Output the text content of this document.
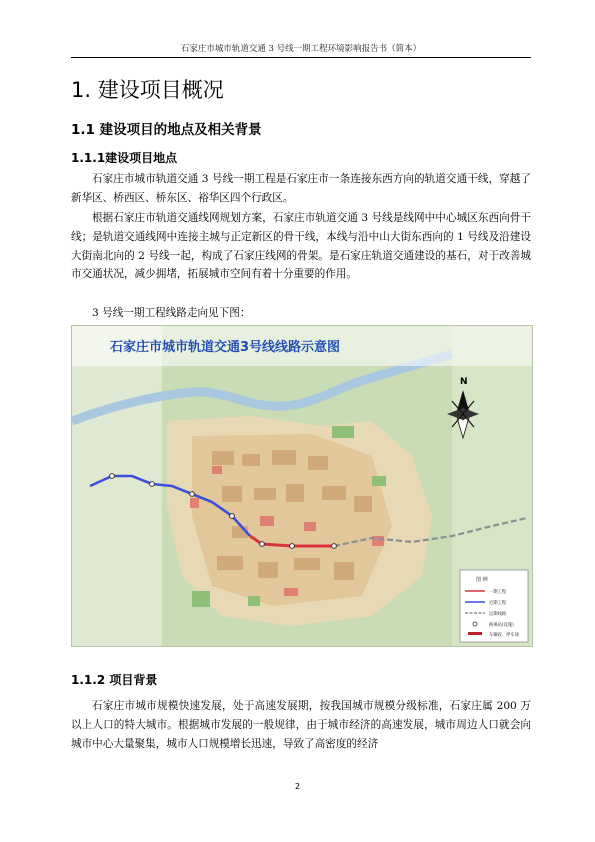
石家庄市城市轨道交通 3 号线一期工程环境影响报告书（简本）
1. 建设项目概况
1.1 建设项目的地点及相关背景
1.1.1建设项目地点

石家庄市城市轨道交通 3 号线一期工程是石家庄市一条连接东西方向的轨道交通干线，穿越了新华区、桥西区、桥东区、裕华区四个行政区。

根据石家庄市轨道交通线网规划方案，石家庄市轨道交通 3 号线是线网中中心城区东西向骨干线；是轨道交通线网中连接主城与正定新区的骨干线，本线与沿中山大街东西向的 1 号线及沿建设大街南北向的 2 号线一起，构成了石家庄线网的骨架。是石家庄轨道交通建设的基石，对于改善城市交通状况，减少拥堵，拓展城市空间有着十分重要的作用。

3 号线一期工程线路走向见下图：

石家庄市城市轨道交通3号线线路示意图
N
图 例
一期工程
近期工程
远期线路
换乘站(设施)
车辆段、停车场
1.1.2 项目背景

石家庄市城市规模快速发展，处于高速发展期，按我国城市规模分级标准，石家庄属 200 万以上人口的特大城市。根据城市发展的一般规律，由于城市经济的高速发展，城市周边人口就会向城市中心大量聚集，城市人口规模增长迅速，导致了高密度的经济

2
